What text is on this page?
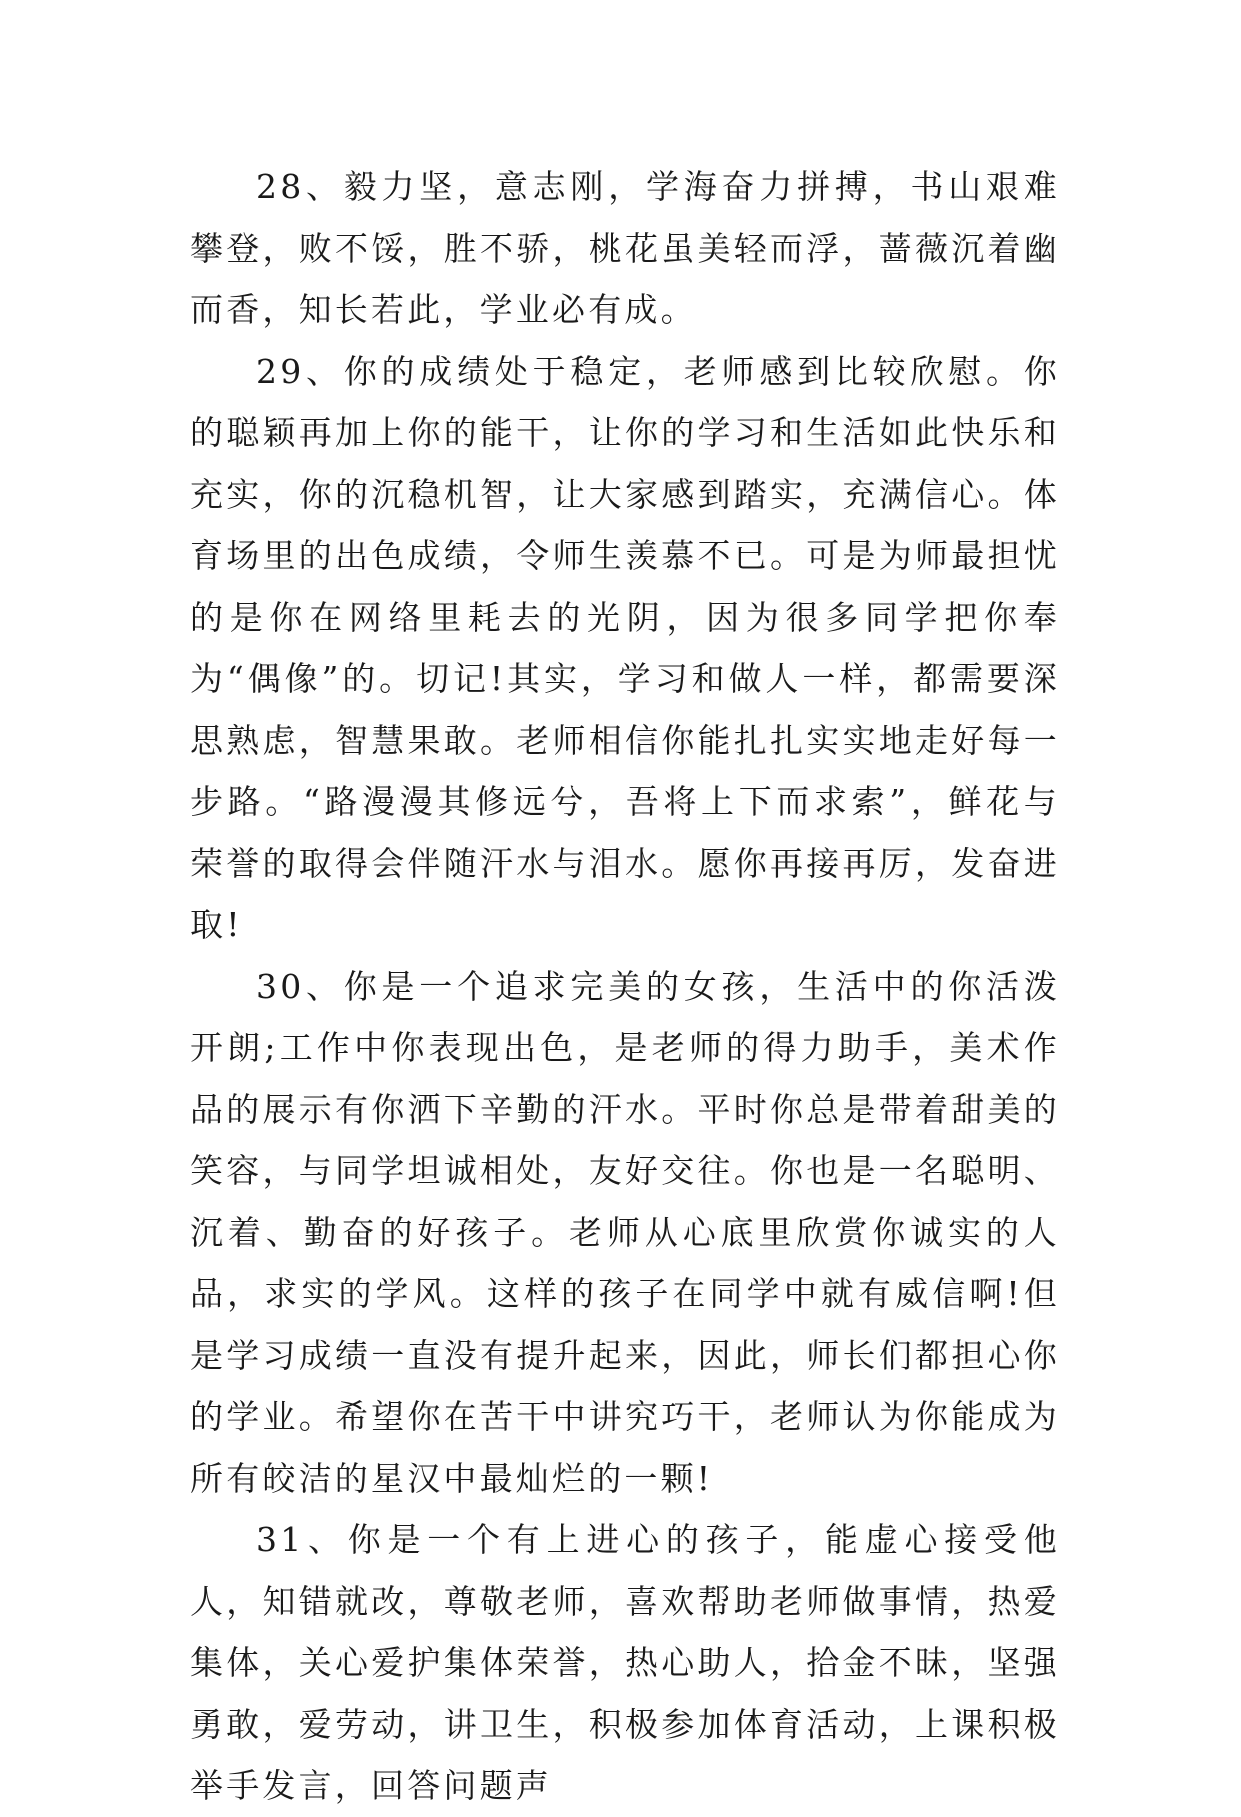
28、毅力坚，意志刚，学海奋力拼搏，书山艰难攀登，败不馁，胜不骄，桃花虽美轻而浮，蔷薇沉着幽而香，知长若此，学业必有成。

29、你的成绩处于稳定，老师感到比较欣慰。你的聪颖再加上你的能干，让你的学习和生活如此快乐和充实，你的沉稳机智，让大家感到踏实，充满信心。体育场里的出色成绩，令师生羡慕不已。可是为师最担忧的是你在网络里耗去的光阴，因为很多同学把你奉为“偶像”的。切记!其实，学习和做人一样，都需要深思熟虑，智慧果敢。老师相信你能扎扎实实地走好每一步路。“路漫漫其修远兮，吾将上下而求索”，鲜花与荣誉的取得会伴随汗水与泪水。愿你再接再厉，发奋进取!

30、你是一个追求完美的女孩，生活中的你活泼开朗;工作中你表现出色，是老师的得力助手，美术作品的展示有你洒下辛勤的汗水。平时你总是带着甜美的笑容，与同学坦诚相处，友好交往。你也是一名聪明、沉着、勤奋的好孩子。老师从心底里欣赏你诚实的人品，求实的学风。这样的孩子在同学中就有威信啊!但是学习成绩一直没有提升起来，因此，师长们都担心你的学业。希望你在苦干中讲究巧干，老师认为你能成为所有皎洁的星汉中最灿烂的一颗!

31、你是一个有上进心的孩子，能虚心接受他人，知错就改，尊敬老师，喜欢帮助老师做事情，热爱集体，关心爱护集体荣誉，热心助人，拾金不昧，坚强勇敢，爱劳动，讲卫生，积极参加体育活动，上课积极举手发言，回答问题声
